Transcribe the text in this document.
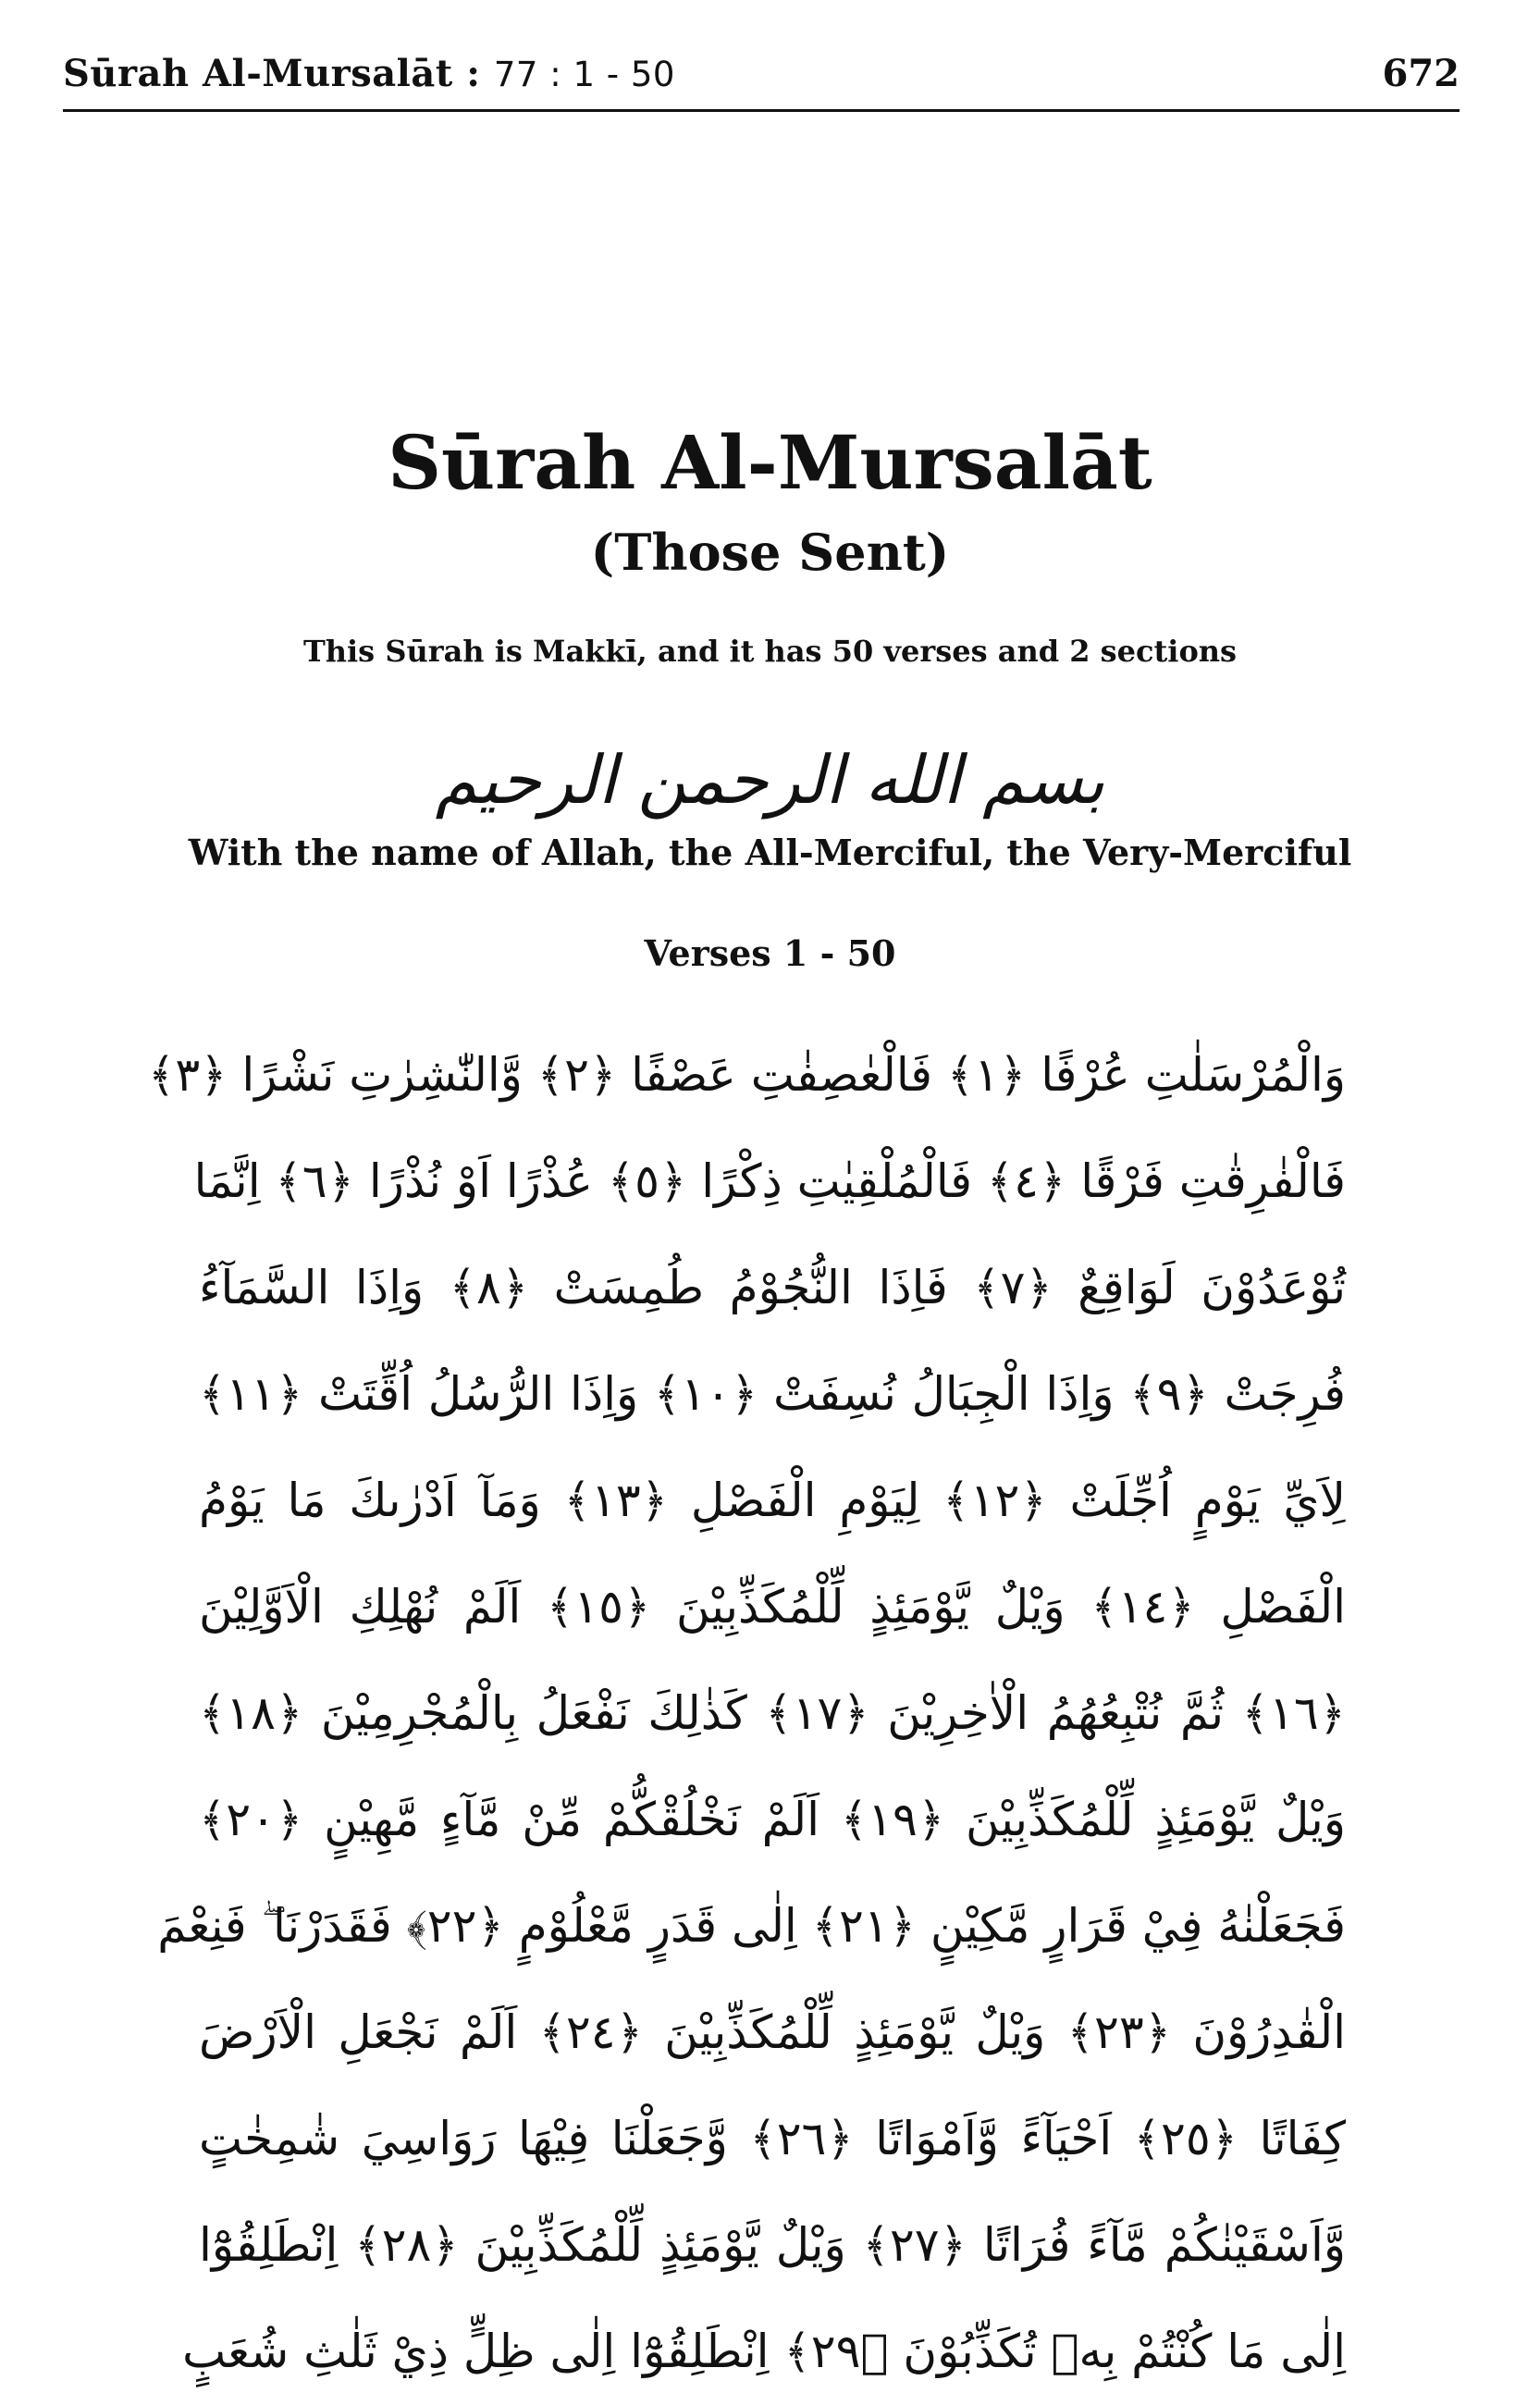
Sūrah Al-Mursalāt : 77 : 1 - 50	672
Sūrah Al-Mursalāt
(Those Sent)
This Sūrah is Makkī, and it has 50 verses and 2 sections
بسم الله الرحمن الرحيم
With the name of Allah, the All-Merciful, the Very-Merciful
Verses 1 - 50
وَالْمُرْسَلٰتِ عُرْفًا ﴿١﴾ فَالْعٰصِفٰتِ عَصْفًا ﴿٢﴾ وَّالنّٰشِرٰتِ نَشْرًا ﴿٣﴾
فَالْفٰرِقٰتِ فَرْقًا ﴿٤﴾ فَالْمُلْقِيٰتِ ذِكْرًا ﴿٥﴾ عُذْرًا اَوْ نُذْرًا ﴿٦﴾ اِنَّمَا
تُوْعَدُوْنَ لَوَاقِعٌ ﴿٧﴾ فَاِذَا النُّجُوْمُ طُمِسَتْ ﴿٨﴾ وَاِذَا السَّمَآءُ
فُرِجَتْ ﴿٩﴾ وَاِذَا الْجِبَالُ نُسِفَتْ ﴿١٠﴾ وَاِذَا الرُّسُلُ اُقِّتَتْ ﴿١١﴾
لِاَيِّ يَوْمٍ اُجِّلَتْ ﴿١٢﴾ لِيَوْمِ الْفَصْلِ ﴿١٣﴾ وَمَآ اَدْرٰىكَ مَا يَوْمُ
الْفَصْلِ ﴿١٤﴾ وَيْلٌ يَّوْمَئِذٍ لِّلْمُكَذِّبِيْنَ ﴿١٥﴾ اَلَمْ نُهْلِكِ الْاَوَّلِيْنَ
﴿١٦﴾ ثُمَّ نُتْبِعُهُمُ الْاٰخِرِيْنَ ﴿١٧﴾ كَذٰلِكَ نَفْعَلُ بِالْمُجْرِمِيْنَ ﴿١٨﴾
وَيْلٌ يَّوْمَئِذٍ لِّلْمُكَذِّبِيْنَ ﴿١٩﴾ اَلَمْ نَخْلُقْكُّمْ مِّنْ مَّآءٍ مَّهِيْنٍ ﴿٢٠﴾
فَجَعَلْنٰهُ فِيْ قَرَارٍ مَّكِيْنٍ ﴿٢١﴾ اِلٰى قَدَرٍ مَّعْلُوْمٍ ﴿٢٢﴾ فَقَدَرْنَا ۖ فَنِعْمَ
الْقٰدِرُوْنَ ﴿٢٣﴾ وَيْلٌ يَّوْمَئِذٍ لِّلْمُكَذِّبِيْنَ ﴿٢٤﴾ اَلَمْ نَجْعَلِ الْاَرْضَ
كِفَاتًا ﴿٢٥﴾ اَحْيَآءً وَّاَمْوَاتًا ﴿٢٦﴾ وَّجَعَلْنَا فِيْهَا رَوَاسِيَ شٰمِخٰتٍ
وَّاَسْقَيْنٰكُمْ مَّآءً فُرَاتًا ﴿٢٧﴾ وَيْلٌ يَّوْمَئِذٍ لِّلْمُكَذِّبِيْنَ ﴿٢٨﴾ اِنْطَلِقُوْٓا
اِلٰى مَا كُنْتُمْ بِهٖ تُكَذِّبُوْنَ ﴿٢٩﴾ اِنْطَلِقُوْٓا اِلٰى ظِلٍّ ذِيْ ثَلٰثِ شُعَبٍ
